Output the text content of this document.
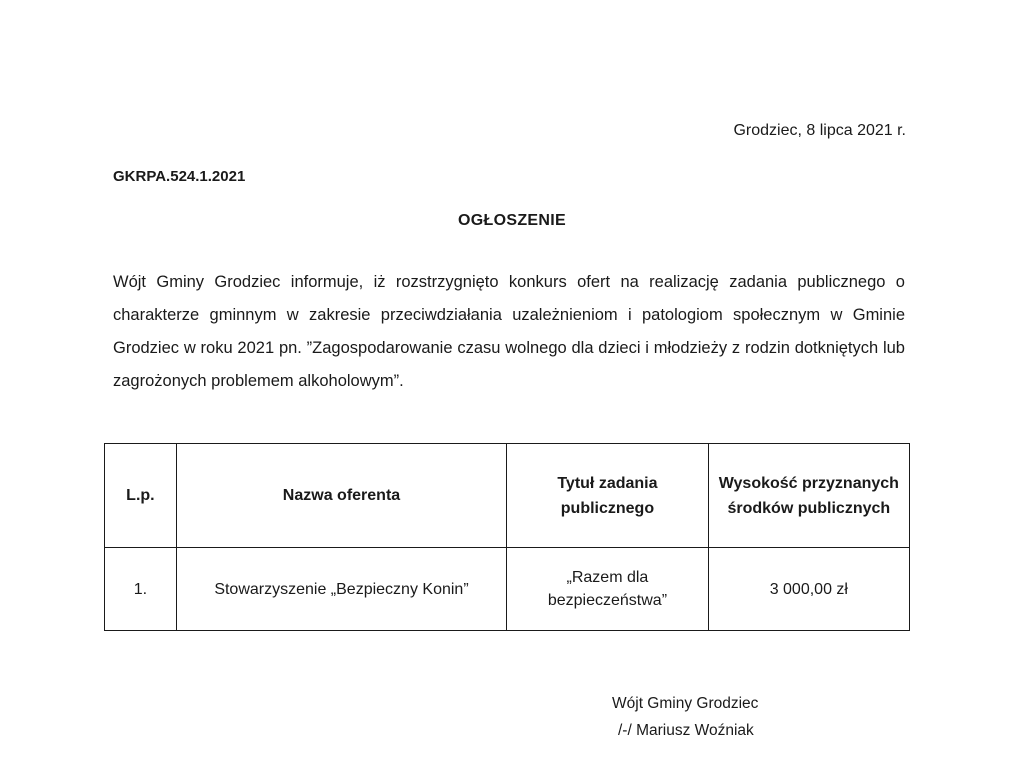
Grodziec, 8 lipca 2021 r.
GKRPA.524.1.2021
OGŁOSZENIE
Wójt Gminy Grodziec informuje, iż rozstrzygnięto konkurs ofert na realizację zadania publicznego o charakterze gminnym w zakresie przeciwdziałania uzależnieniom i patologiom społecznym w Gminie Grodziec w roku 2021 pn. ”Zagospodarowanie czasu wolnego dla dzieci i młodzieży z rodzin dotkniętych lub zagrożonych problemem alkoholowym”.
L.p.	Nazwa oferenta	Tytuł zadania publicznego	Wysokość przyznanych środków publicznych
1.	Stowarzyszenie „Bezpieczny Konin”	„Razem dla bezpieczeństwa”	3 000,00 zł
Wójt Gminy Grodziec
/-/ Mariusz Woźniak
